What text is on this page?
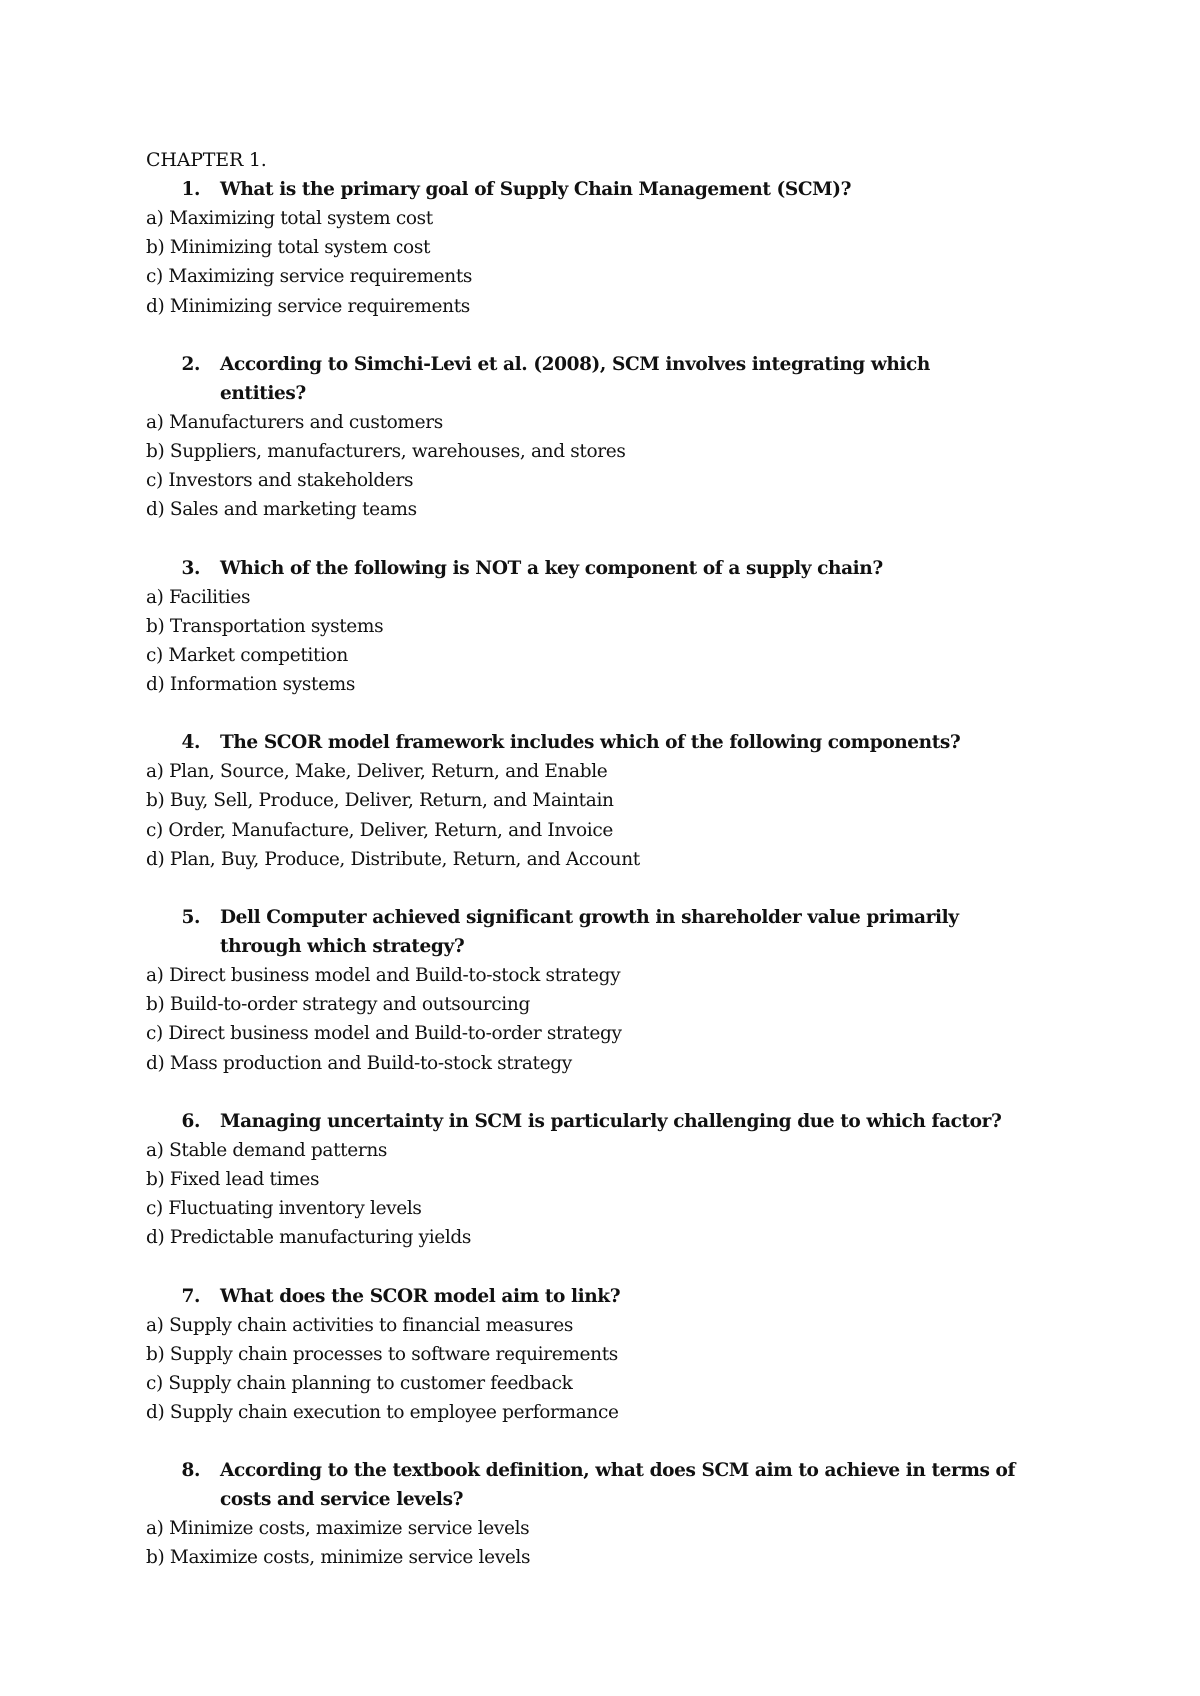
CHAPTER 1.
1.	What is the primary goal of Supply Chain Management (SCM)?
a) Maximizing total system cost
b) Minimizing total system cost
c) Maximizing service requirements
d) Minimizing service requirements
2.	According to Simchi-Levi et al. (2008), SCM involves integrating which entities?
a) Manufacturers and customers
b) Suppliers, manufacturers, warehouses, and stores
c) Investors and stakeholders
d) Sales and marketing teams
3.	Which of the following is NOT a key component of a supply chain?
a) Facilities
b) Transportation systems
c) Market competition
d) Information systems
4.	The SCOR model framework includes which of the following components?
a) Plan, Source, Make, Deliver, Return, and Enable
b) Buy, Sell, Produce, Deliver, Return, and Maintain
c) Order, Manufacture, Deliver, Return, and Invoice
d) Plan, Buy, Produce, Distribute, Return, and Account
5.	Dell Computer achieved significant growth in shareholder value primarily through which strategy?
a) Direct business model and Build-to-stock strategy
b) Build-to-order strategy and outsourcing
c) Direct business model and Build-to-order strategy
d) Mass production and Build-to-stock strategy
6.	Managing uncertainty in SCM is particularly challenging due to which factor?
a) Stable demand patterns
b) Fixed lead times
c) Fluctuating inventory levels
d) Predictable manufacturing yields
7.	What does the SCOR model aim to link?
a) Supply chain activities to financial measures
b) Supply chain processes to software requirements
c) Supply chain planning to customer feedback
d) Supply chain execution to employee performance
8.	According to the textbook definition, what does SCM aim to achieve in terms of costs and service levels?
a) Minimize costs, maximize service levels
b) Maximize costs, minimize service levels
